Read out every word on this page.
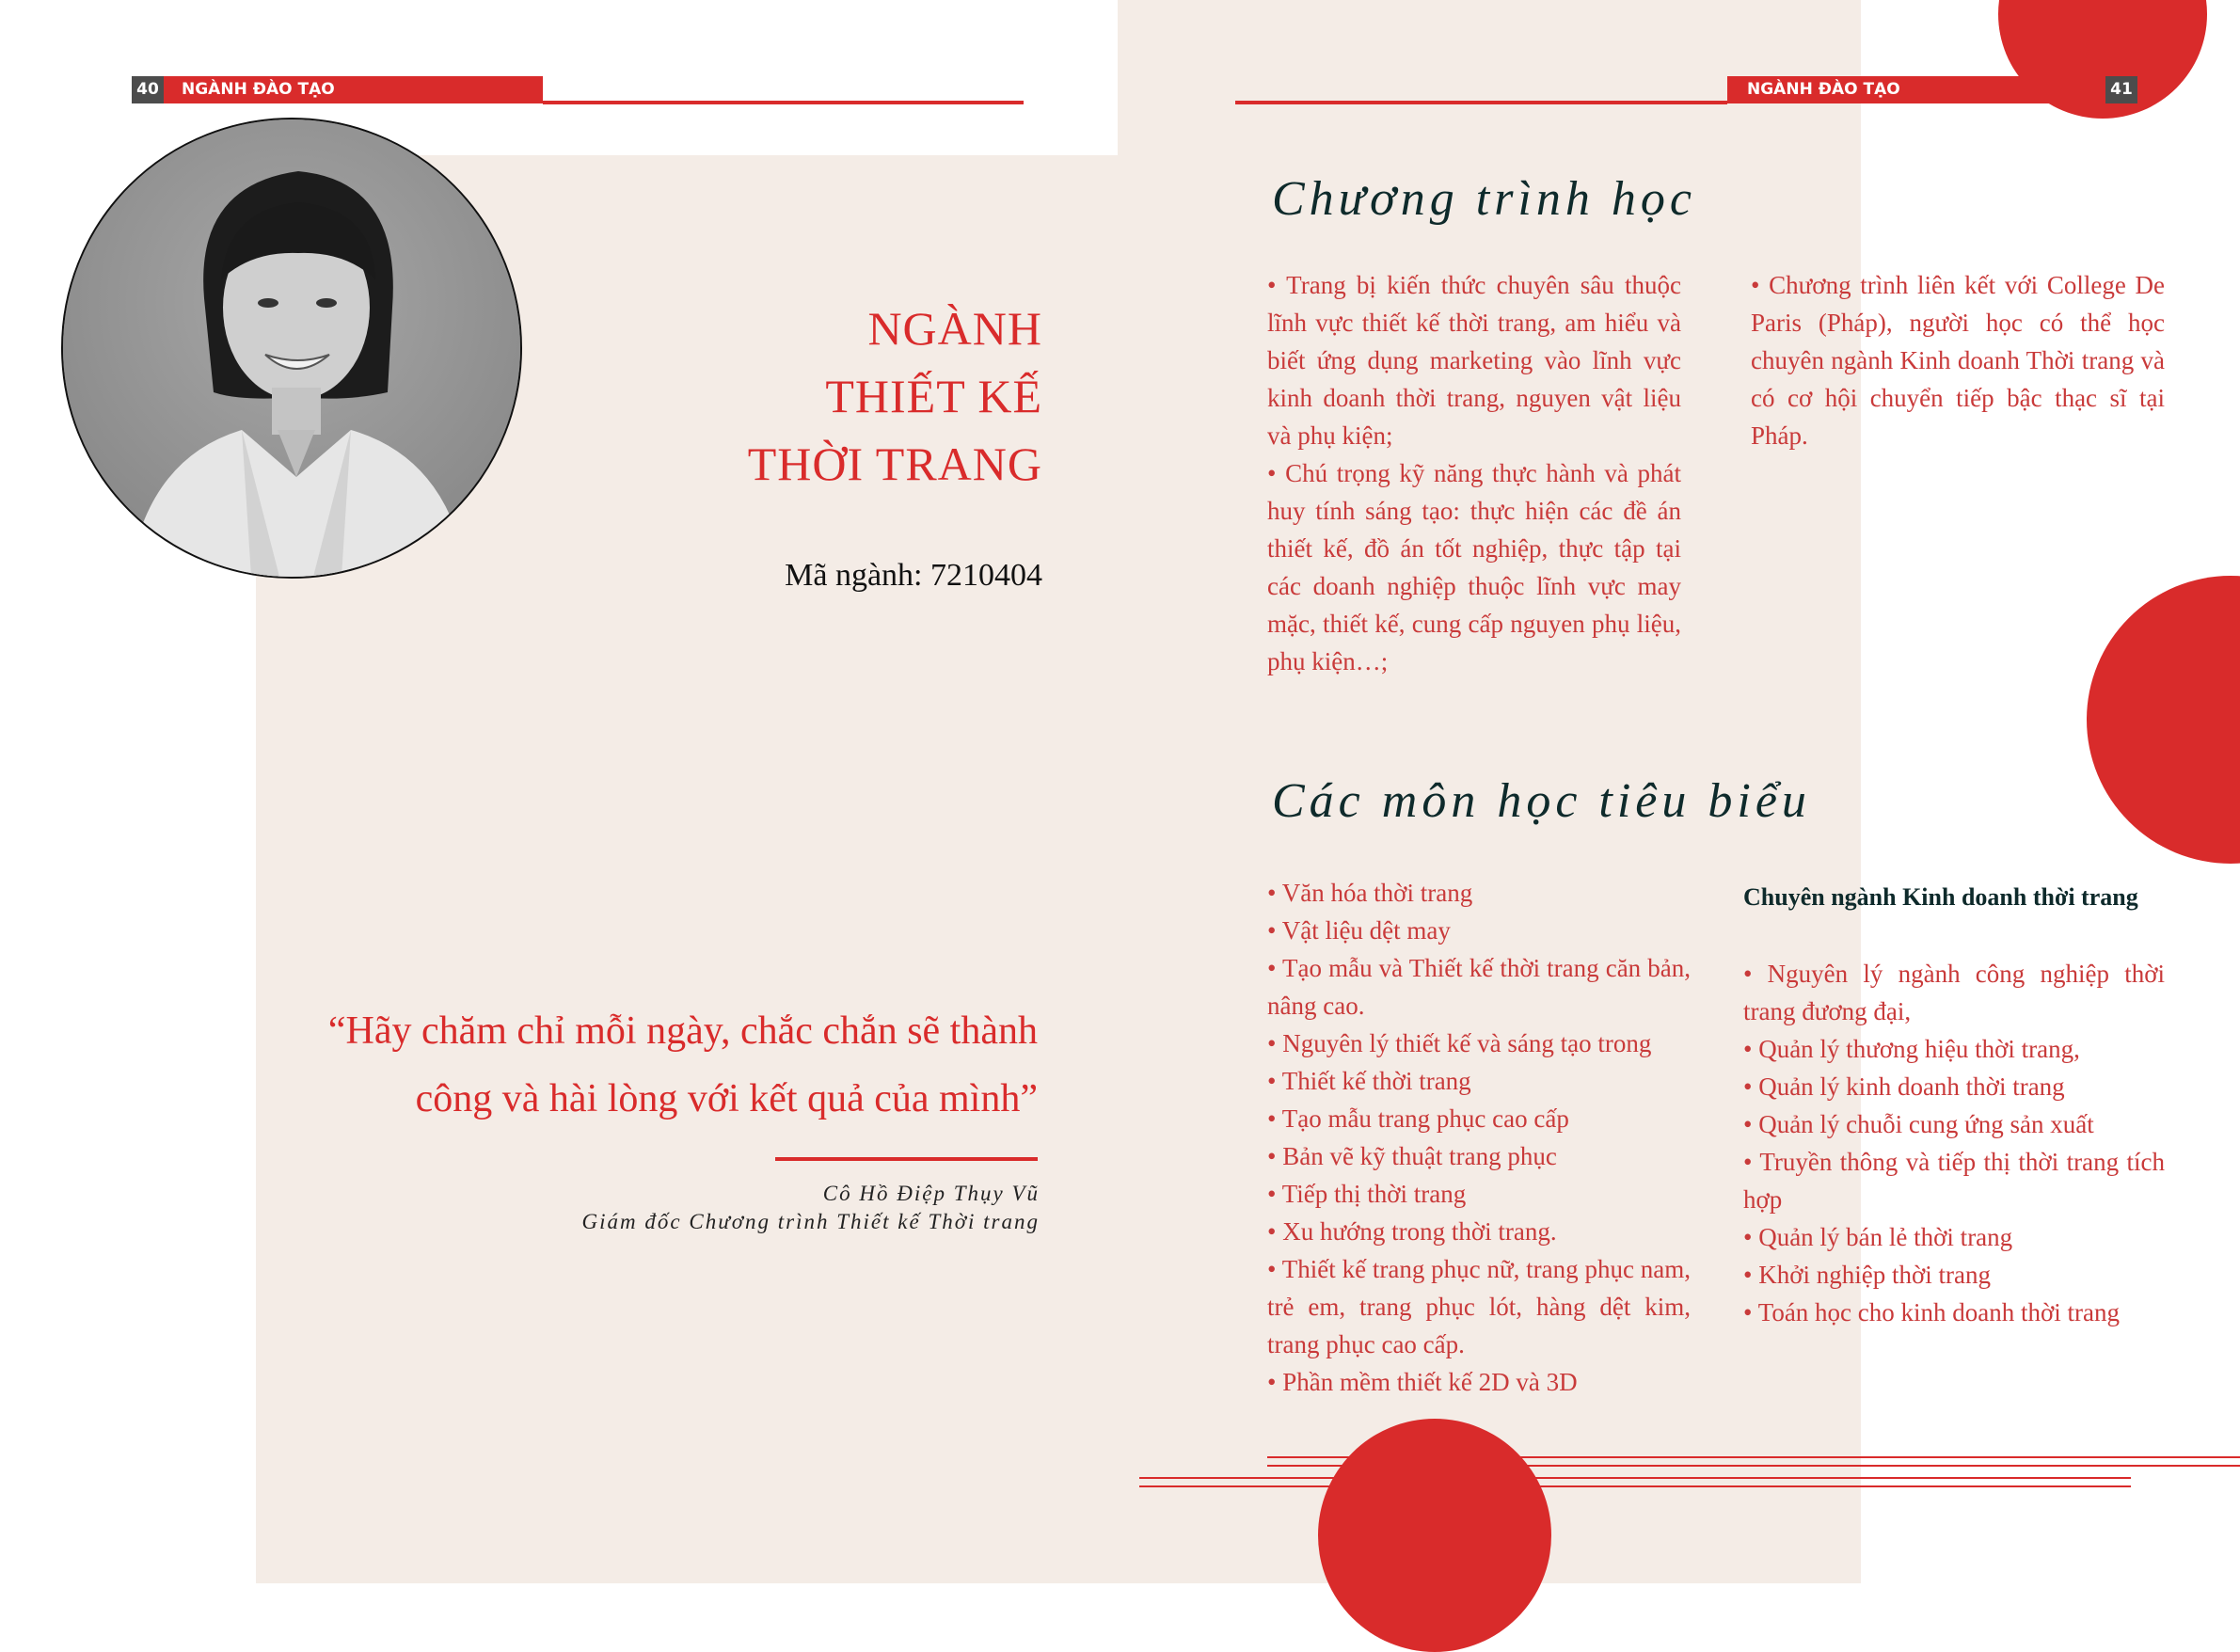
40	NGÀNH ĐÀO TẠO	NGÀNH ĐÀO TẠO	41
NGÀNH
THIẾT KẾ
THỜI TRANG
Mã ngành: 7210404
“Hãy chăm chỉ mỗi ngày, chắc chắn sẽ thành
công và hài lòng với kết quả của mình”
Cô Hồ Điệp Thụy Vũ
Giám đốc Chương trình Thiết kế Thời trang
Chương trình học

• Trang bị kiến thức chuyên sâu thuộc lĩnh vực thiết kế thời trang, am hiểu và biết ứng dụng marketing vào lĩnh vực kinh doanh thời trang, nguyen vật liệu và phụ kiện;

• Chú trọng kỹ năng thực hành và phát huy tính sáng tạo: thực hiện các đề án thiết kế, đồ án tốt nghiệp, thực tập tại các doanh nghiệp thuộc lĩnh vực may mặc, thiết kế, cung cấp nguyen phụ liệu, phụ kiện…;

• Chương trình liên kết với College De Paris (Pháp), người học có thể học chuyên ngành Kinh doanh Thời trang và có cơ hội chuyển tiếp bậc thạc sĩ tại Pháp.

Các môn học tiêu biểu
• Văn hóa thời trang
• Vật liệu dệt may
• Tạo mẫu và Thiết kế thời trang căn bản, nâng cao.
• Nguyên lý thiết kế và sáng tạo trong
• Thiết kế thời trang
• Tạo mẫu trang phục cao cấp
• Bản vẽ kỹ thuật trang phục
• Tiếp thị thời trang
• Xu hướng trong thời trang.
• Thiết kế trang phục nữ, trang phục nam, trẻ em, trang phục lót, hàng dệt kim, trang phục cao cấp.
• Phần mềm thiết kế 2D và 3D
Chuyên ngành Kinh doanh thời trang
• Nguyên lý ngành công nghiệp thời trang đương đại,
• Quản lý thương hiệu thời trang,
• Quản lý kinh doanh thời trang
• Quản lý chuỗi cung ứng sản xuất
• Truyền thông và tiếp thị thời trang tích hợp
• Quản lý bán lẻ thời trang
• Khởi nghiệp thời trang
• Toán học cho kinh doanh thời trang
